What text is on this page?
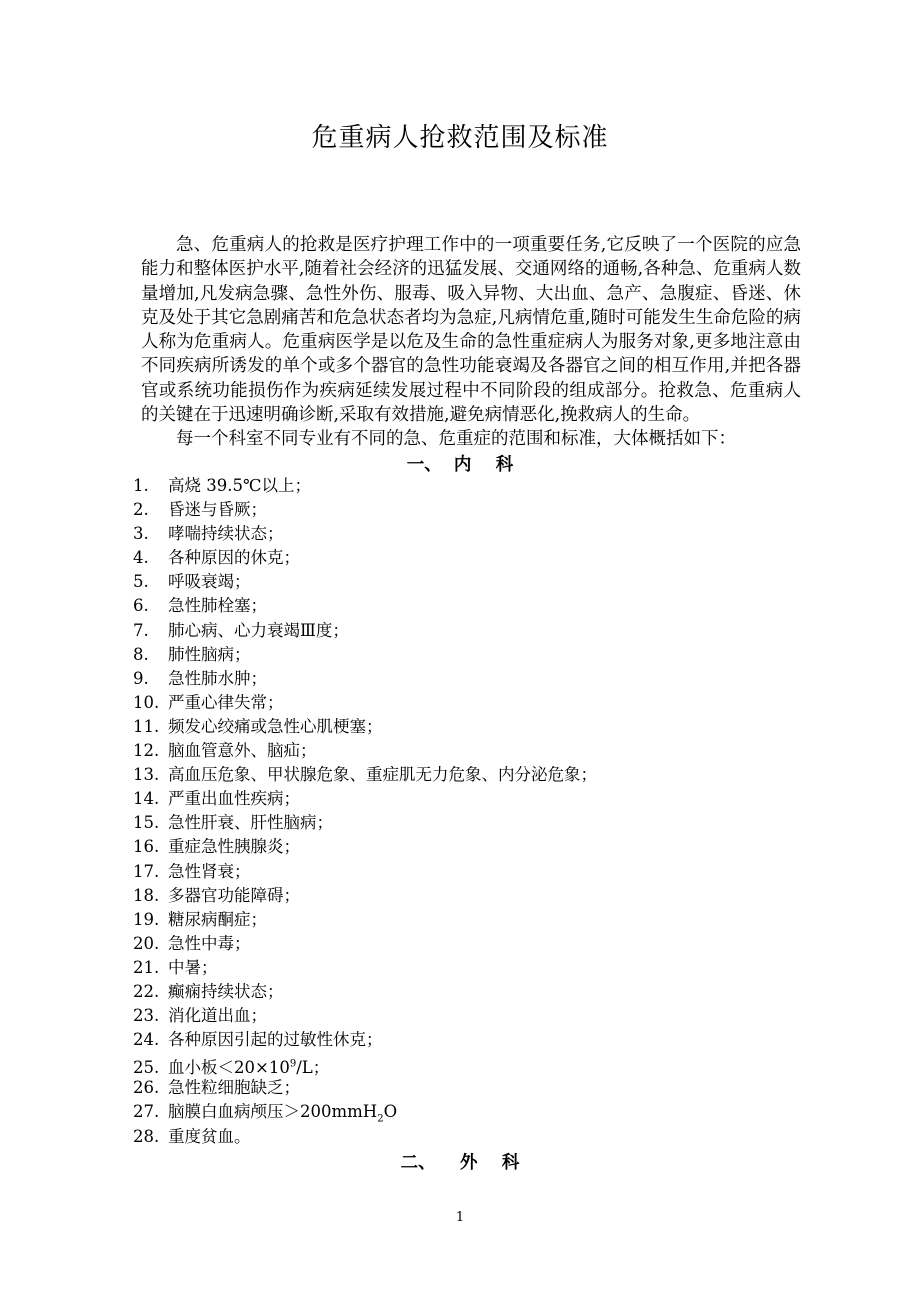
危重病人抢救范围及标准

急、危重病人的抢救是医疗护理工作中的一项重要任务,它反映了一个医院的应急能力和整体医护水平,随着社会经济的迅猛发展、交通网络的通畅,各种急、危重病人数量增加,凡发病急骤、急性外伤、服毒、吸入异物、大出血、急产、急腹症、昏迷、休克及处于其它急剧痛苦和危急状态者均为急症,凡病情危重,随时可能发生生命危险的病人称为危重病人。危重病医学是以危及生命的急性重症病人为服务对象,更多地注意由不同疾病所诱发的单个或多个器官的急性功能衰竭及各器官之间的相互作用,并把各器官或系统功能损伤作为疾病延续发展过程中不同阶段的组成部分。抢救急、危重病人的关键在于迅速明确诊断,采取有效措施,避免病情恶化,挽救病人的生命。

每一个科室不同专业有不同的急、危重症的范围和标准，大体概括如下：

一、  内    科
1. 高烧 39.5℃以上；
2. 昏迷与昏厥；
3. 哮喘持续状态；
4. 各种原因的休克；
5. 呼吸衰竭；
6. 急性肺栓塞；
7. 肺心病、心力衰竭Ⅲ度；
8. 肺性脑病；
9. 急性肺水肿；
10. 严重心律失常；
11. 频发心绞痛或急性心肌梗塞；
12. 脑血管意外、脑疝；
13. 高血压危象、甲状腺危象、重症肌无力危象、内分泌危象；
14. 严重出血性疾病；
15. 急性肝衰、肝性脑病；
16. 重症急性胰腺炎；
17. 急性肾衰；
18. 多器官功能障碍；
19. 糖尿病酮症；
20. 急性中毒；
21. 中暑；
22. 癫痫持续状态；
23. 消化道出血；
24. 各种原因引起的过敏性休克；
25. 血小板$<20\times 10^9/L$；
26. 急性粒细胞缺乏；
27. 脑膜白血病颅压＞200mmH$_2$O
28. 重度贫血。
二、    外    科
1
